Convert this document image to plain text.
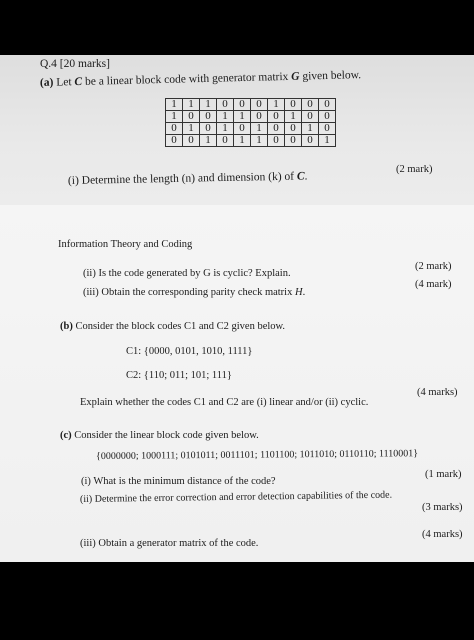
Q.4 [20 marks]
(a) Let C be a linear block code with generator matrix G given below.
1	1	1	0	0	0	1	0	0	0
1	0	0	1	1	0	0	1	0	0
0	1	0	1	0	1	0	0	1	0
0	0	1	0	1	1	0	0	0	1
(i) Determine the length (n) and dimension (k) of C.
(2 mark)
Information Theory and Coding
(ii) Is the code generated by G is cyclic? Explain.
(2 mark)
(iii) Obtain the corresponding parity check matrix H.
(4 mark)
(b) Consider the block codes C1 and C2 given below.
C1: {0000, 0101, 1010, 1111}
C2: {110; 011; 101; 111}
Explain whether the codes C1 and C2 are (i) linear and/or (ii) cyclic.
(4 marks)
(c) Consider the linear block code given below.
{0000000; 1000111; 0101011; 0011101; 1101100; 1011010; 0110110; 1110001}
(i) What is the minimum distance of the code?
(1 mark)
(ii) Determine the error correction and error detection capabilities of the code.
(3 marks)
(iii) Obtain a generator matrix of the code.
(4 marks)
